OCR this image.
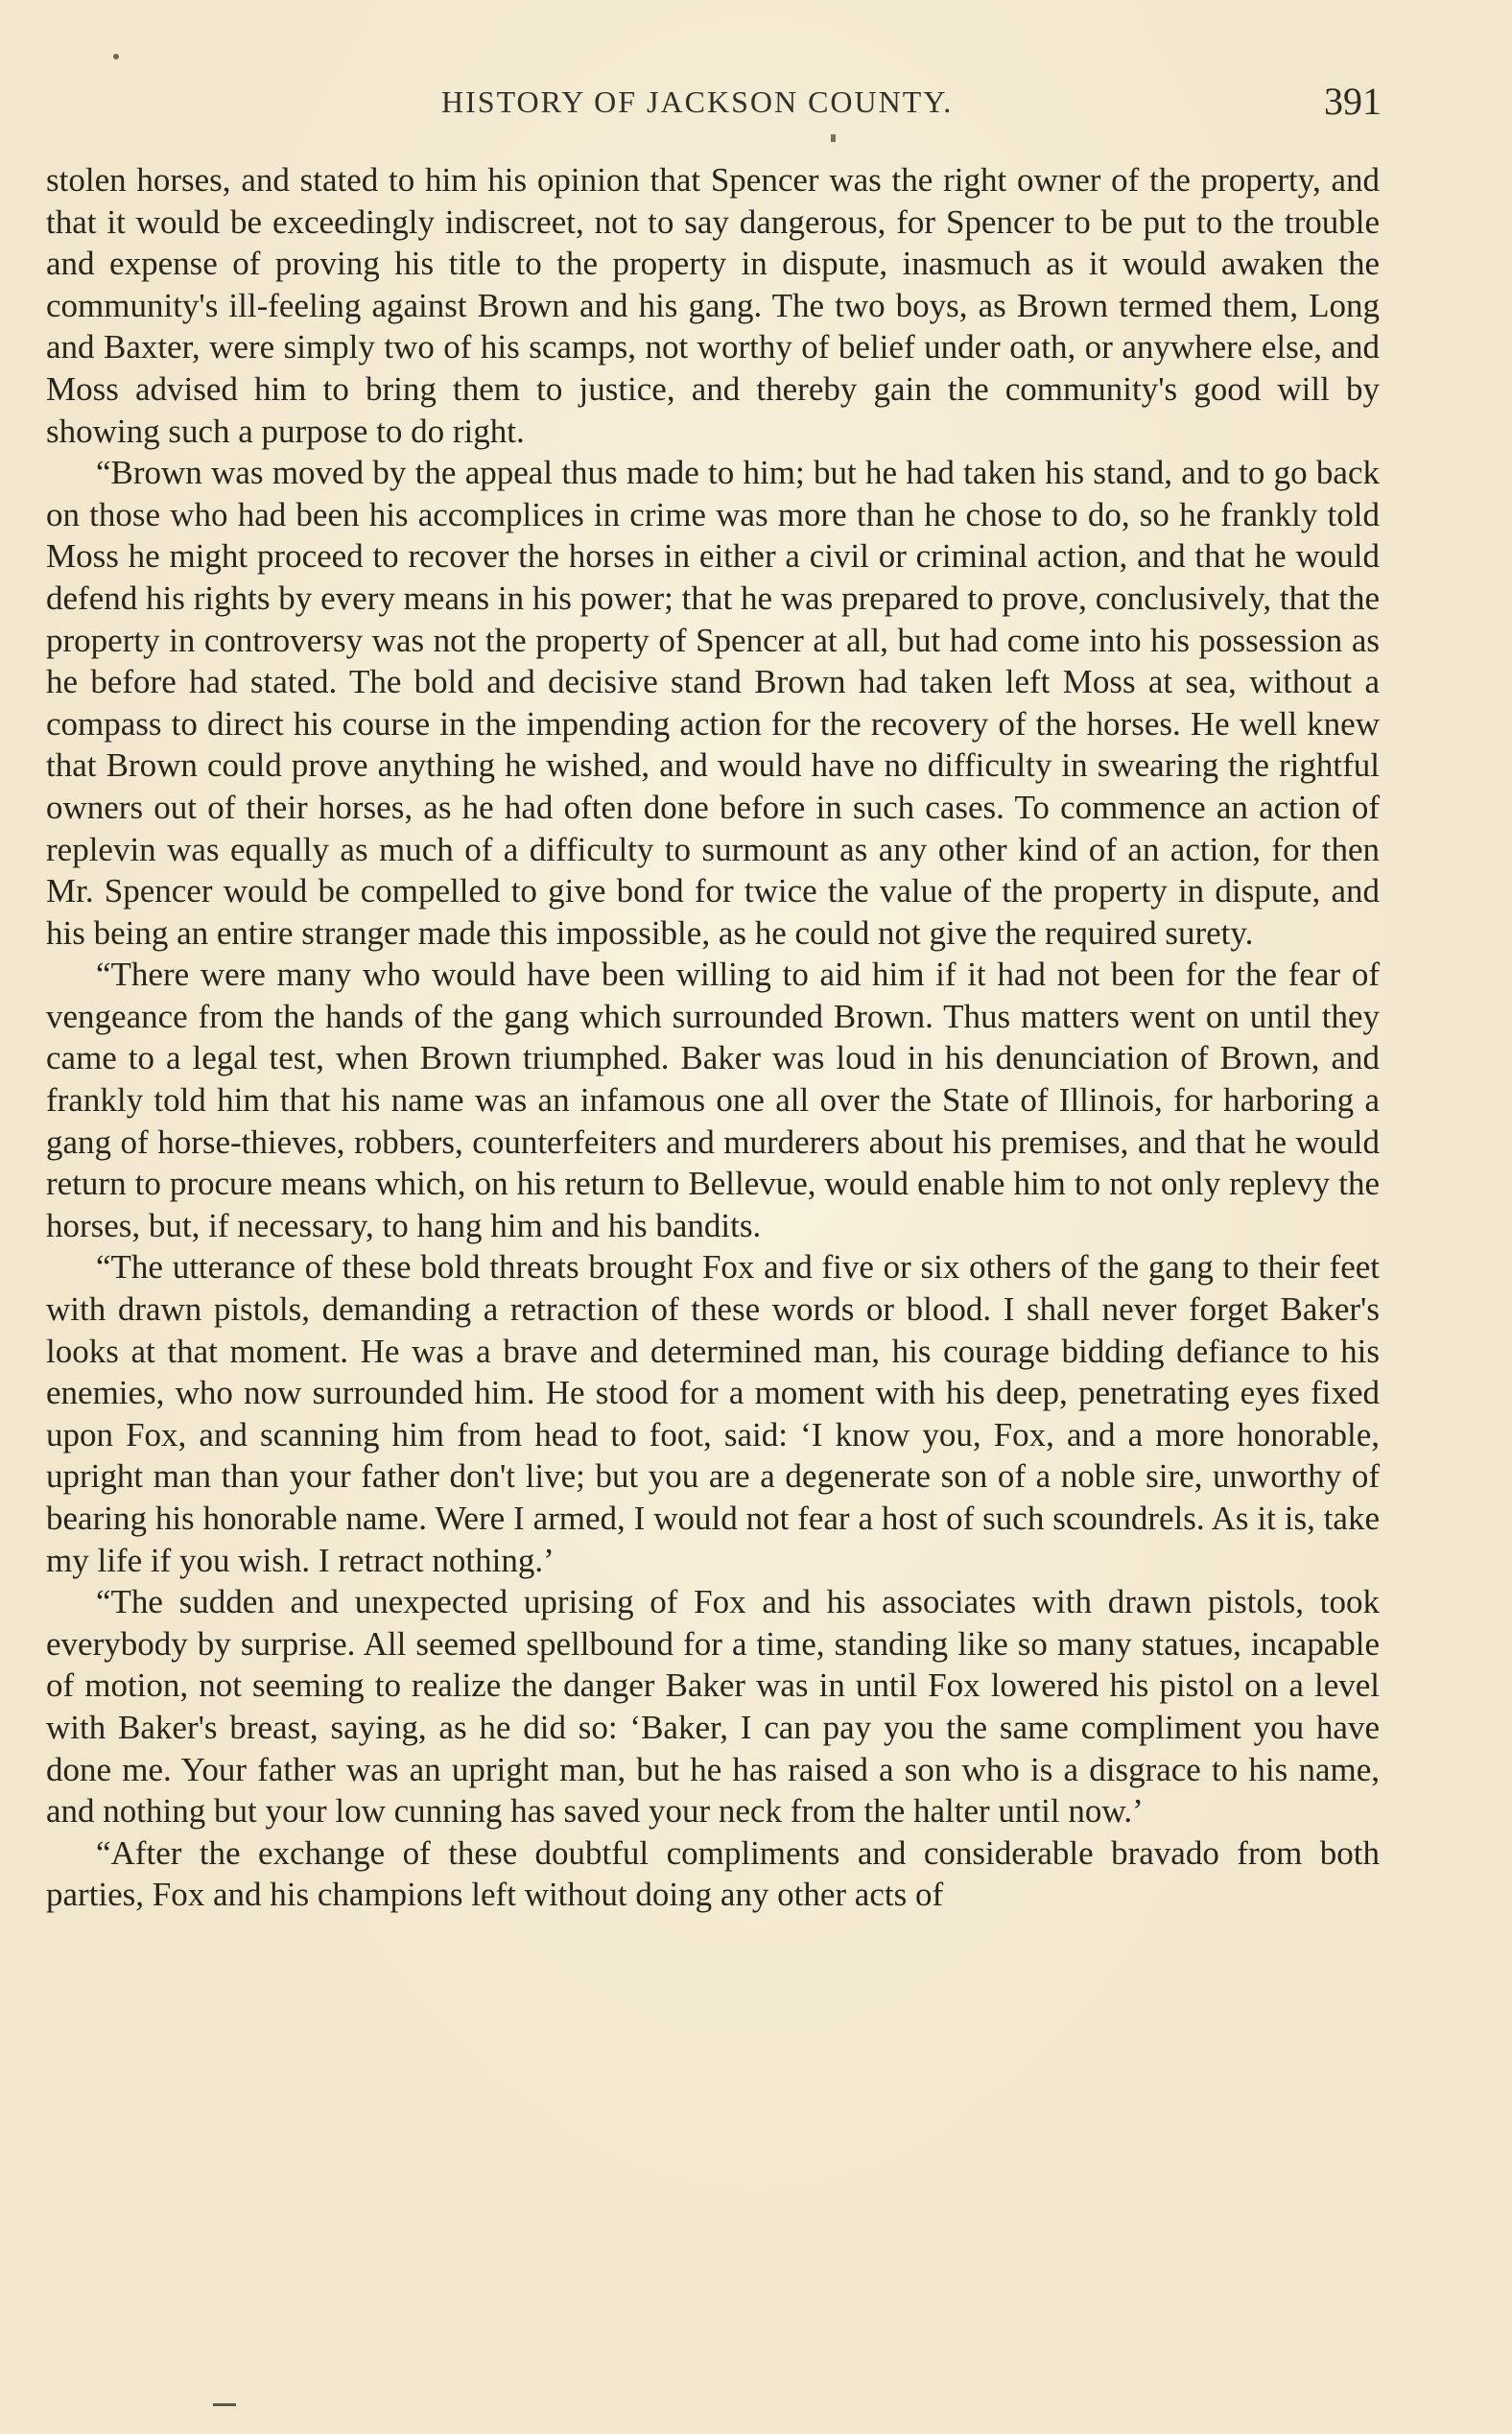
HISTORY OF JACKSON COUNTY.	391

stolen horses, and stated to him his opinion that Spencer was the right owner of the property, and that it would be exceedingly indiscreet, not to say dangerous, for Spencer to be put to the trouble and expense of proving his title to the property in dispute, inasmuch as it would awaken the community's ill-feeling against Brown and his gang. The two boys, as Brown termed them, Long and Baxter, were simply two of his scamps, not worthy of belief under oath, or anywhere else, and Moss advised him to bring them to justice, and thereby gain the community's good will by showing such a purpose to do right.

“Brown was moved by the appeal thus made to him; but he had taken his stand, and to go back on those who had been his accomplices in crime was more than he chose to do, so he frankly told Moss he might proceed to recover the horses in either a civil or criminal action, and that he would defend his rights by every means in his power; that he was prepared to prove, conclusively, that the property in controversy was not the property of Spencer at all, but had come into his possession as he before had stated. The bold and decisive stand Brown had taken left Moss at sea, without a compass to direct his course in the impending action for the recovery of the horses. He well knew that Brown could prove anything he wished, and would have no difficulty in swearing the rightful owners out of their horses, as he had often done before in such cases. To commence an action of replevin was equally as much of a difficulty to surmount as any other kind of an action, for then Mr. Spencer would be compelled to give bond for twice the value of the property in dispute, and his being an entire stranger made this impossible, as he could not give the required surety.

“There were many who would have been willing to aid him if it had not been for the fear of vengeance from the hands of the gang which surrounded Brown. Thus matters went on until they came to a legal test, when Brown triumphed. Baker was loud in his denunciation of Brown, and frankly told him that his name was an infamous one all over the State of Illinois, for harboring a gang of horse-thieves, robbers, counterfeiters and murderers about his premises, and that he would return to procure means which, on his return to Bellevue, would enable him to not only replevy the horses, but, if necessary, to hang him and his bandits.

“The utterance of these bold threats brought Fox and five or six others of the gang to their feet with drawn pistols, demanding a retraction of these words or blood. I shall never forget Baker's looks at that moment. He was a brave and determined man, his courage bidding defiance to his enemies, who now surrounded him. He stood for a moment with his deep, penetrating eyes fixed upon Fox, and scanning him from head to foot, said: ‘I know you, Fox, and a more honorable, upright man than your father don't live; but you are a degenerate son of a noble sire, unworthy of bearing his honorable name. Were I armed, I would not fear a host of such scoundrels. As it is, take my life if you wish. I retract nothing.’

“The sudden and unexpected uprising of Fox and his associates with drawn pistols, took everybody by surprise. All seemed spellbound for a time, standing like so many statues, incapable of motion, not seeming to realize the danger Baker was in until Fox lowered his pistol on a level with Baker's breast, saying, as he did so: ‘Baker, I can pay you the same compliment you have done me. Your father was an upright man, but he has raised a son who is a disgrace to his name, and nothing but your low cunning has saved your neck from the halter until now.’

“After the exchange of these doubtful compliments and considerable bravado from both parties, Fox and his champions left without doing any other acts of
